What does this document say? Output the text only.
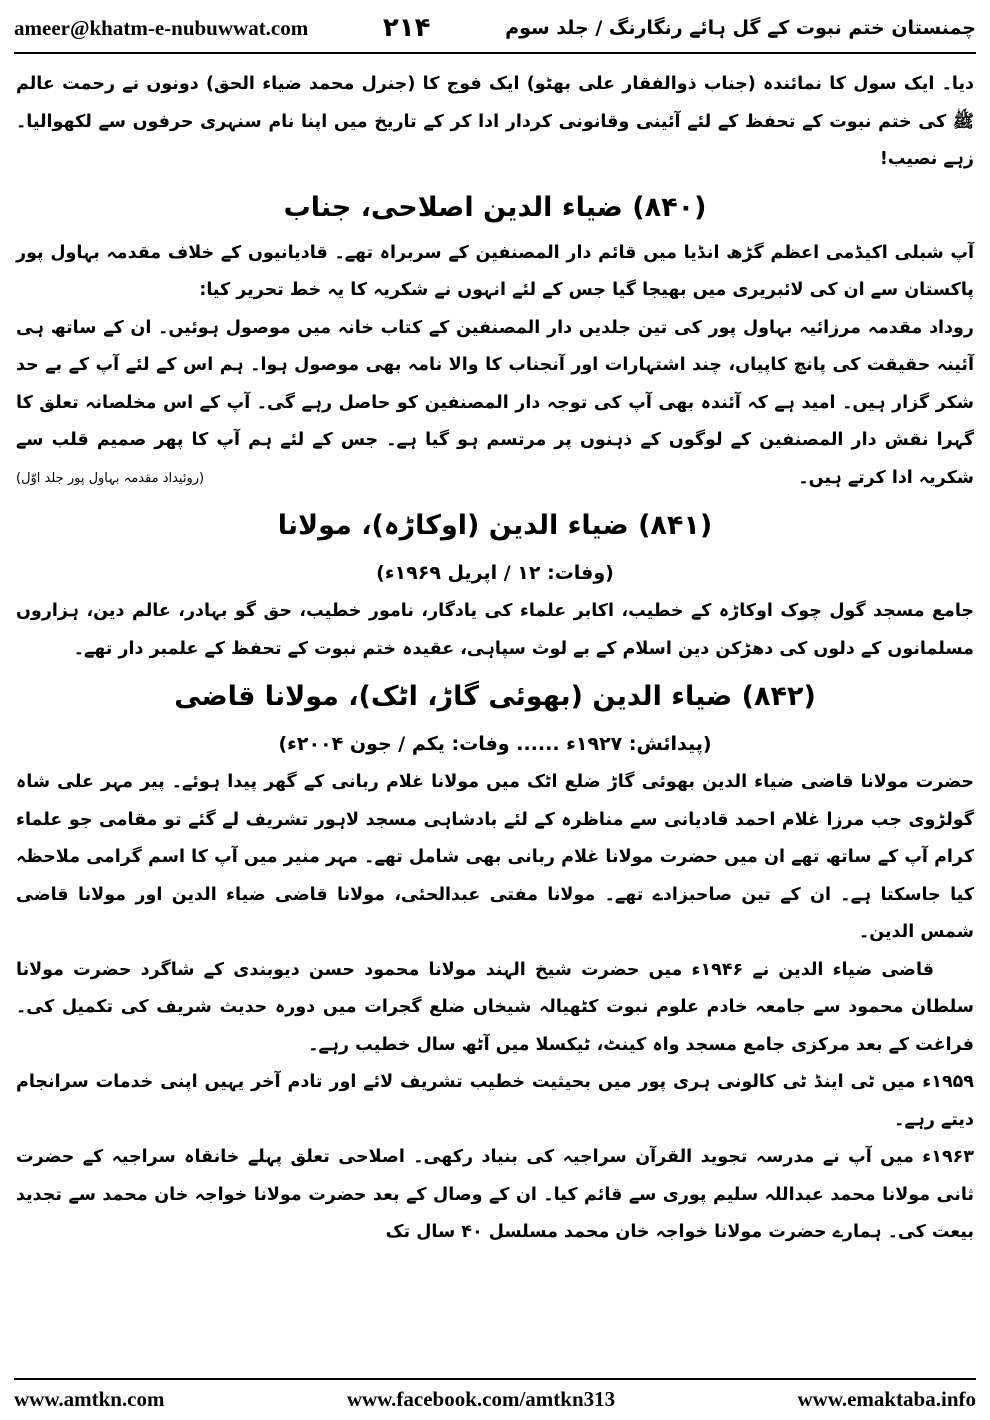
ameer@khatm-e-nubuwwat.com	۲۱۴	چمنستان ختم نبوت کے گل ہائے رنگارنگ / جلد سوم

دیا۔ ایک سول کا نمائندہ (جناب ذوالفقار علی بھٹو) ایک فوج کا (جنرل محمد ضیاء الحق) دونوں نے رحمت عالم ﷺ کی ختم نبوت کے تحفظ کے لئے آئینی وقانونی کردار ادا کر کے تاریخ میں اپنا نام سنہری حرفوں سے لکھوالیا۔ زہے نصیب!

(۸۴۰) ضیاء الدین اصلاحی، جناب

آپ شبلی اکیڈمی اعظم گڑھ انڈیا میں قائم دار المصنفین کے سربراہ تھے۔ قادیانیوں کے خلاف مقدمہ بہاول پور پاکستان سے ان کی لائبریری میں بھیجا گیا جس کے لئے انہوں نے شکریہ کا یہ خط تحریر کیا:

روداد مقدمہ مرزائیہ بہاول پور کی تین جلدیں دار المصنفین کے کتاب خانہ میں موصول ہوئیں۔ ان کے ساتھ ہی آئینہ حقیقت کی پانچ کاپیاں، چند اشتہارات اور آنجناب کا والا نامہ بھی موصول ہوا۔ ہم اس کے لئے آپ کے بے حد شکر گزار ہیں۔ امید ہے کہ آئندہ بھی آپ کی توجہ دار المصنفین کو حاصل رہے گی۔ آپ کے اس مخلصانہ تعلق کا گہرا نقش دار المصنفین کے لوگوں کے ذہنوں پر مرتسم ہو گیا ہے۔ جس کے لئے ہم آپ کا پھر صمیم قلب سے شکریہ ادا کرتے ہیں۔
(روئیداد مقدمہ بہاول پور جلد اوّل)

(۸۴۱) ضیاء الدین (اوکاڑہ)، مولانا
(وفات: ۱۲ / اپریل ۱۹۶۹ء)

جامع مسجد گول چوک اوکاڑہ کے خطیب، اکابر علماء کی یادگار، نامور خطیب، حق گو بہادر، عالم دین، ہزاروں مسلمانوں کے دلوں کی دھڑکن دین اسلام کے بے لوث سپاہی، عقیدہ ختم نبوت کے تحفظ کے علمبر دار تھے۔

(۸۴۲) ضیاء الدین (بھوئی گاڑ، اٹک)، مولانا قاضی
(پیدائش: ۱۹۲۷ء ...... وفات: یکم / جون ۲۰۰۴ء)

حضرت مولانا قاضی ضیاء الدین بھوئی گاڑ ضلع اٹک میں مولانا غلام ربانی کے گھر پیدا ہوئے۔ پیر مہر علی شاہ گولڑوی جب مرزا غلام احمد قادیانی سے مناظرہ کے لئے بادشاہی مسجد لاہور تشریف لے گئے تو مقامی جو علماء کرام آپ کے ساتھ تھے ان میں حضرت مولانا غلام ربانی بھی شامل تھے۔ مہر منیر میں آپ کا اسم گرامی ملاحظہ کیا جاسکتا ہے۔ ان کے تین صاحبزادے تھے۔ مولانا مفتی عبدالحئی، مولانا قاضی ضیاء الدین اور مولانا قاضی شمس الدین۔

قاضی ضیاء الدین نے ۱۹۴۶ء میں حضرت شیخ الہند مولانا محمود حسن دیوبندی کے شاگرد حضرت مولانا سلطان محمود سے جامعہ خادم علوم نبوت کٹھیالہ شیخاں ضلع گجرات میں دورہ حدیث شریف کی تکمیل کی۔ فراغت کے بعد مرکزی جامع مسجد واہ کینٹ، ٹیکسلا میں آٹھ سال خطیب رہے۔

۱۹۵۹ء میں ٹی اینڈ ٹی کالونی ہری پور میں بحیثیت خطیب تشریف لائے اور تادم آخر یہیں اپنی خدمات سرانجام دیتے رہے۔

۱۹۶۳ء میں آپ نے مدرسہ تجوید القرآن سراجیہ کی بنیاد رکھی۔ اصلاحی تعلق پہلے خانقاہ سراجیہ کے حضرت ثانی مولانا محمد عبداللہ سلیم پوری سے قائم کیا۔ ان کے وصال کے بعد حضرت مولانا خواجہ خان محمد سے تجدید بیعت کی۔ ہمارے حضرت مولانا خواجہ خان محمد مسلسل ۴۰ سال تک

www.amtkn.com	www.facebook.com/amtkn313	www.emaktaba.info
